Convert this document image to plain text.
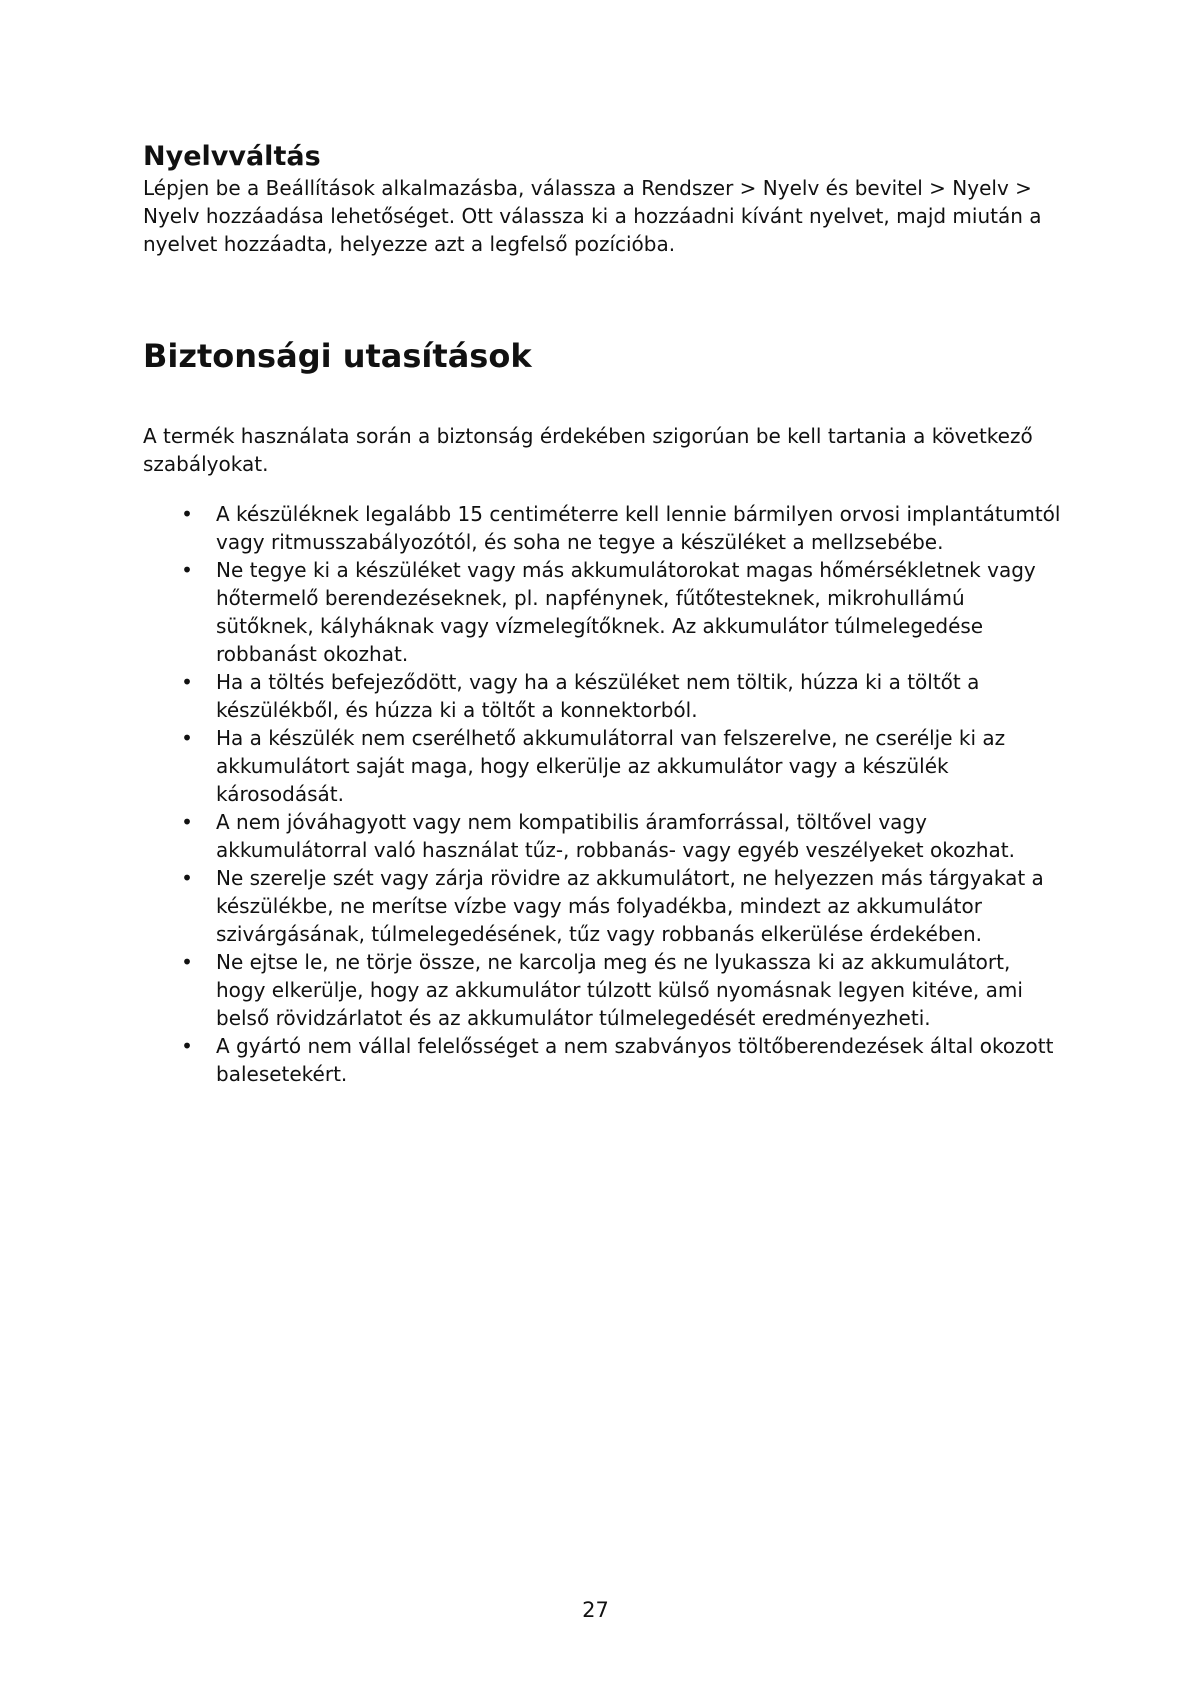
Nyelvváltás

Lépjen be a Beállítások alkalmazásba, válassza a Rendszer > Nyelv és bevitel > Nyelv > Nyelv hozzáadása lehetőséget. Ott válassza ki a hozzáadni kívánt nyelvet, majd miután a nyelvet hozzáadta, helyezze azt a legfelső pozícióba.

Biztonsági utasítások

A termék használata során a biztonság érdekében szigorúan be kell tartania a következő szabályokat.

• A készüléknek legalább 15 centiméterre kell lennie bármilyen orvosi implantátumtól vagy ritmusszabályozótól, és soha ne tegye a készüléket a mellzsebébe.
• Ne tegye ki a készüléket vagy más akkumulátorokat magas hőmérsékletnek vagy hőtermelő berendezéseknek, pl. napfénynek, fűtőtesteknek, mikrohullámú sütőknek, kályháknak vagy vízmelegítőknek. Az akkumulátor túlmelegedése robbanást okozhat.
• Ha a töltés befejeződött, vagy ha a készüléket nem töltik, húzza ki a töltőt a készülékből, és húzza ki a töltőt a konnektorból.
• Ha a készülék nem cserélhető akkumulátorral van felszerelve, ne cserélje ki az akkumulátort saját maga, hogy elkerülje az akkumulátor vagy a készülék károsodását.
• A nem jóváhagyott vagy nem kompatibilis áramforrással, töltővel vagy akkumulátorral való használat tűz-, robbanás- vagy egyéb veszélyeket okozhat.
• Ne szerelje szét vagy zárja rövidre az akkumulátort, ne helyezzen más tárgyakat a készülékbe, ne merítse vízbe vagy más folyadékba, mindezt az akkumulátor szivárgásának, túlmelegedésének, tűz vagy robbanás elkerülése érdekében.
• Ne ejtse le, ne törje össze, ne karcolja meg és ne lyukassza ki az akkumulátort, hogy elkerülje, hogy az akkumulátor túlzott külső nyomásnak legyen kitéve, ami belső rövidzárlatot és az akkumulátor túlmelegedését eredményezheti.
• A gyártó nem vállal felelősséget a nem szabványos töltőberendezések által okozott balesetekért.
27
